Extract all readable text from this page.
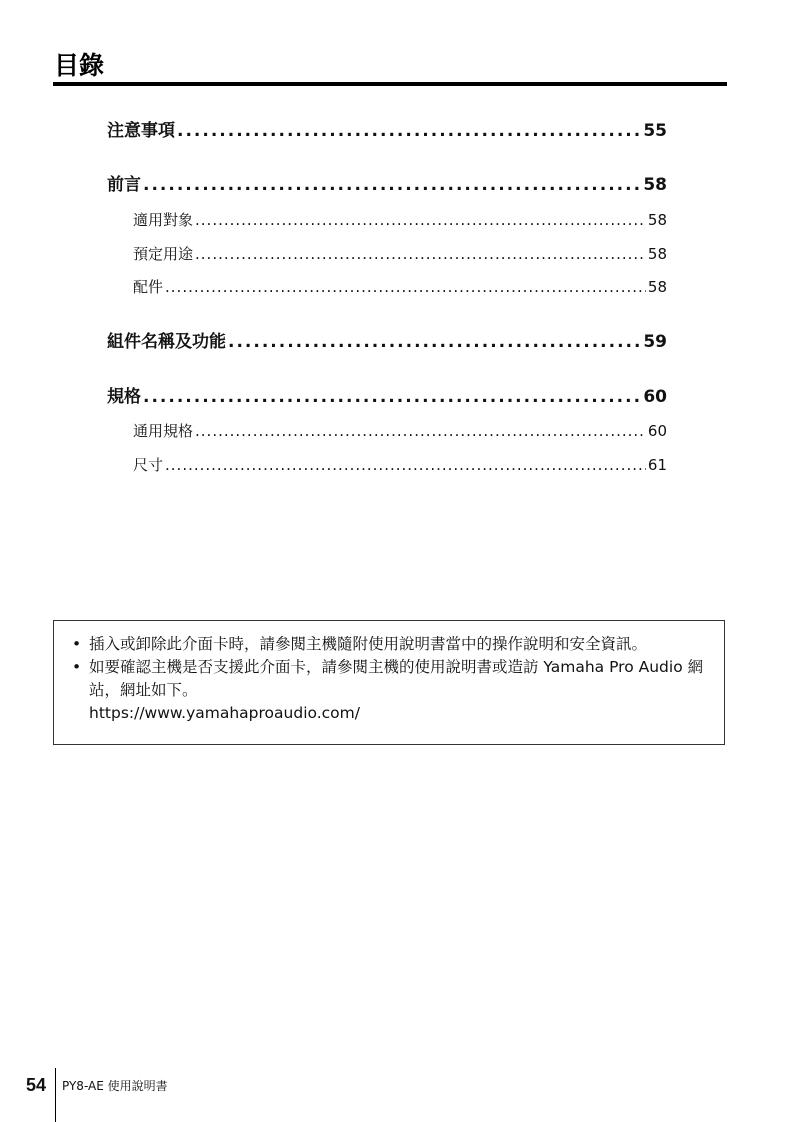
目錄
注意事項 .....	55
前言 .....	58
適用對象 .....	58
預定用途 .....	58
配件 .....	58
組件名稱及功能 .....	59
規格 .....	60
通用規格 .....	60
尺寸 .....	61
• 插入或卸除此介面卡時，請參閱主機隨附使用說明書當中的操作說明和安全資訊。
• 如要確認主機是否支援此介面卡，請參閱主機的使用說明書或造訪 Yamaha Pro Audio 網站，網址如下。
https://www.yamahaproaudio.com/
54 PY8-AE 使用說明書
